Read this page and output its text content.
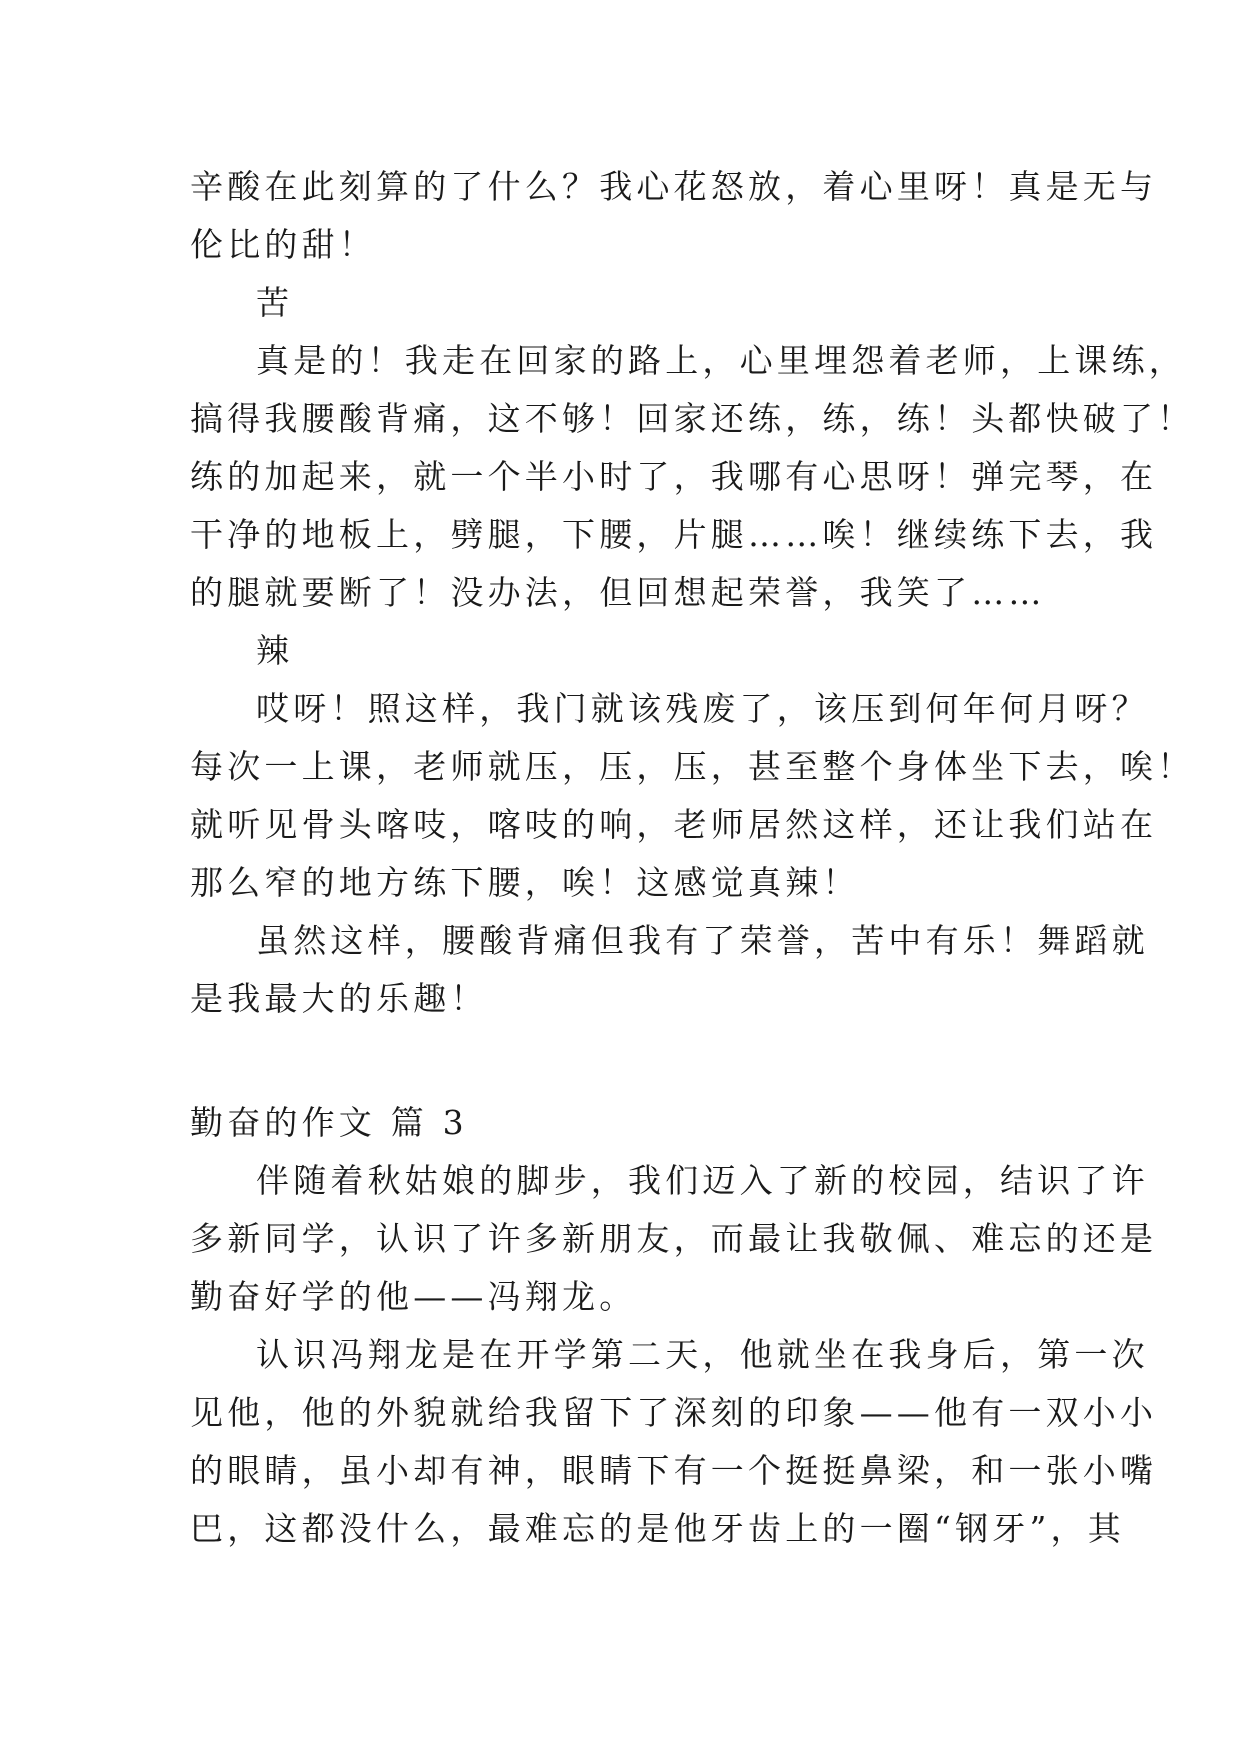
辛酸在此刻算的了什么？我心花怒放，着心里呀！真是无与
伦比的甜！
苦
真是的！我走在回家的路上，心里埋怨着老师，上课练，
搞得我腰酸背痛，这不够！回家还练，练，练！头都快破了！
练的加起来，就一个半小时了，我哪有心思呀！弹完琴，在
干净的地板上，劈腿，下腰，片腿……唉！继续练下去，我
的腿就要断了！没办法，但回想起荣誉，我笑了……
辣
哎呀！照这样，我门就该残废了，该压到何年何月呀？
每次一上课，老师就压，压，压，甚至整个身体坐下去，唉！
就听见骨头喀吱，喀吱的响，老师居然这样，还让我们站在
那么窄的地方练下腰，唉！这感觉真辣！
虽然这样，腰酸背痛但我有了荣誉，苦中有乐！舞蹈就
是我最大的乐趣！
勤奋的作文 篇 3
伴随着秋姑娘的脚步，我们迈入了新的校园，结识了许
多新同学，认识了许多新朋友，而最让我敬佩、难忘的还是
勤奋好学的他——冯翔龙。
认识冯翔龙是在开学第二天，他就坐在我身后，第一次
见他，他的外貌就给我留下了深刻的印象——他有一双小小
的眼睛，虽小却有神，眼睛下有一个挺挺鼻梁，和一张小嘴
巴，这都没什么，最难忘的是他牙齿上的一圈“钢牙”，其
